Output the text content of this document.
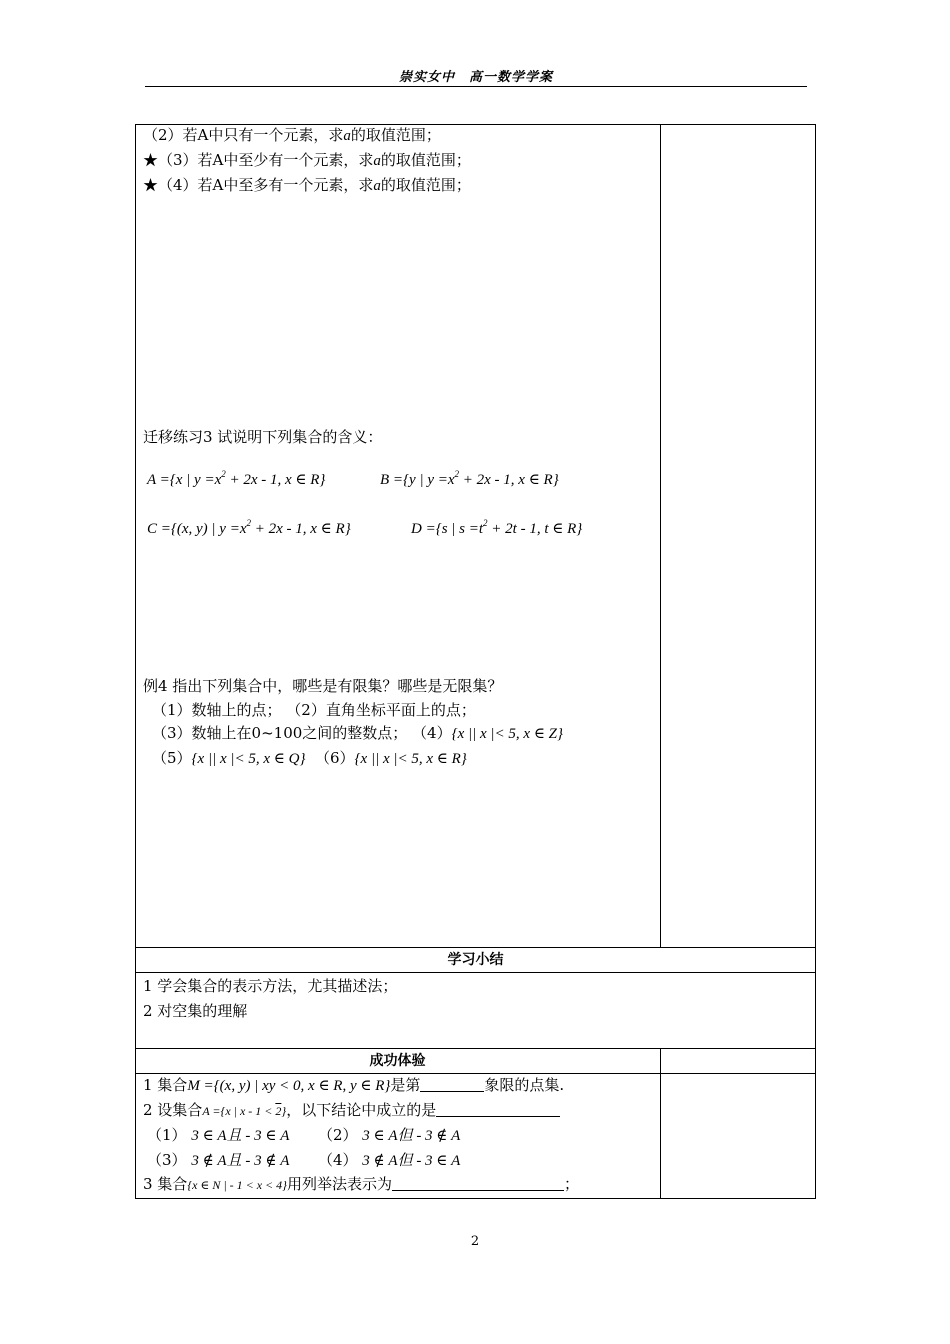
崇实女中　高一数学学案
（2）若A中只有一个元素，求a的取值范围；
★（3）若A中至少有一个元素，求a的取值范围；
★（4）若A中至多有一个元素，求a的取值范围；
迁移练习3 试说明下列集合的含义：
A ={x | $y =x^2 + 2x - 1$, x ∈ R}	B ={y | $y =x^2 + 2x - 1$, x ∈ R}
C ={(x, y) | $y =x^2 + 2x - 1$, x ∈ R}	D ={s | $s =t^2 + 2t - 1$, t ∈ R}
例4 指出下列集合中，哪些是有限集？哪些是无限集？
（1）数轴上的点； （2）直角坐标平面上的点；
（3）数轴上在0~100之间的整数点； （4）{x || x |< 5, x ∈ Z}
（5）{x || x |< 5, x ∈ Q} （6）{x || x |< 5, x ∈ R}
学习小结
1 学会集合的表示方法，尤其描述法；
2 对空集的理解
成功体验
1 集合M ={(x, y) | xy < 0, x ∈ R, y ∈ R}是第	象限的点集.
2 设集合A ={x | x - 1 < 2}，以下结论中成立的是
（1） 3 ∈ A且 - 3 ∈ A （2） 3 ∈ A但 - 3 ∉ A
（3） 3 ∉ A且 - 3 ∉ A （4） 3 ∉ A但 - 3 ∈ A
3 集合{x ∈ N | - 1 < x < 4}用列举法表示为	；
2
